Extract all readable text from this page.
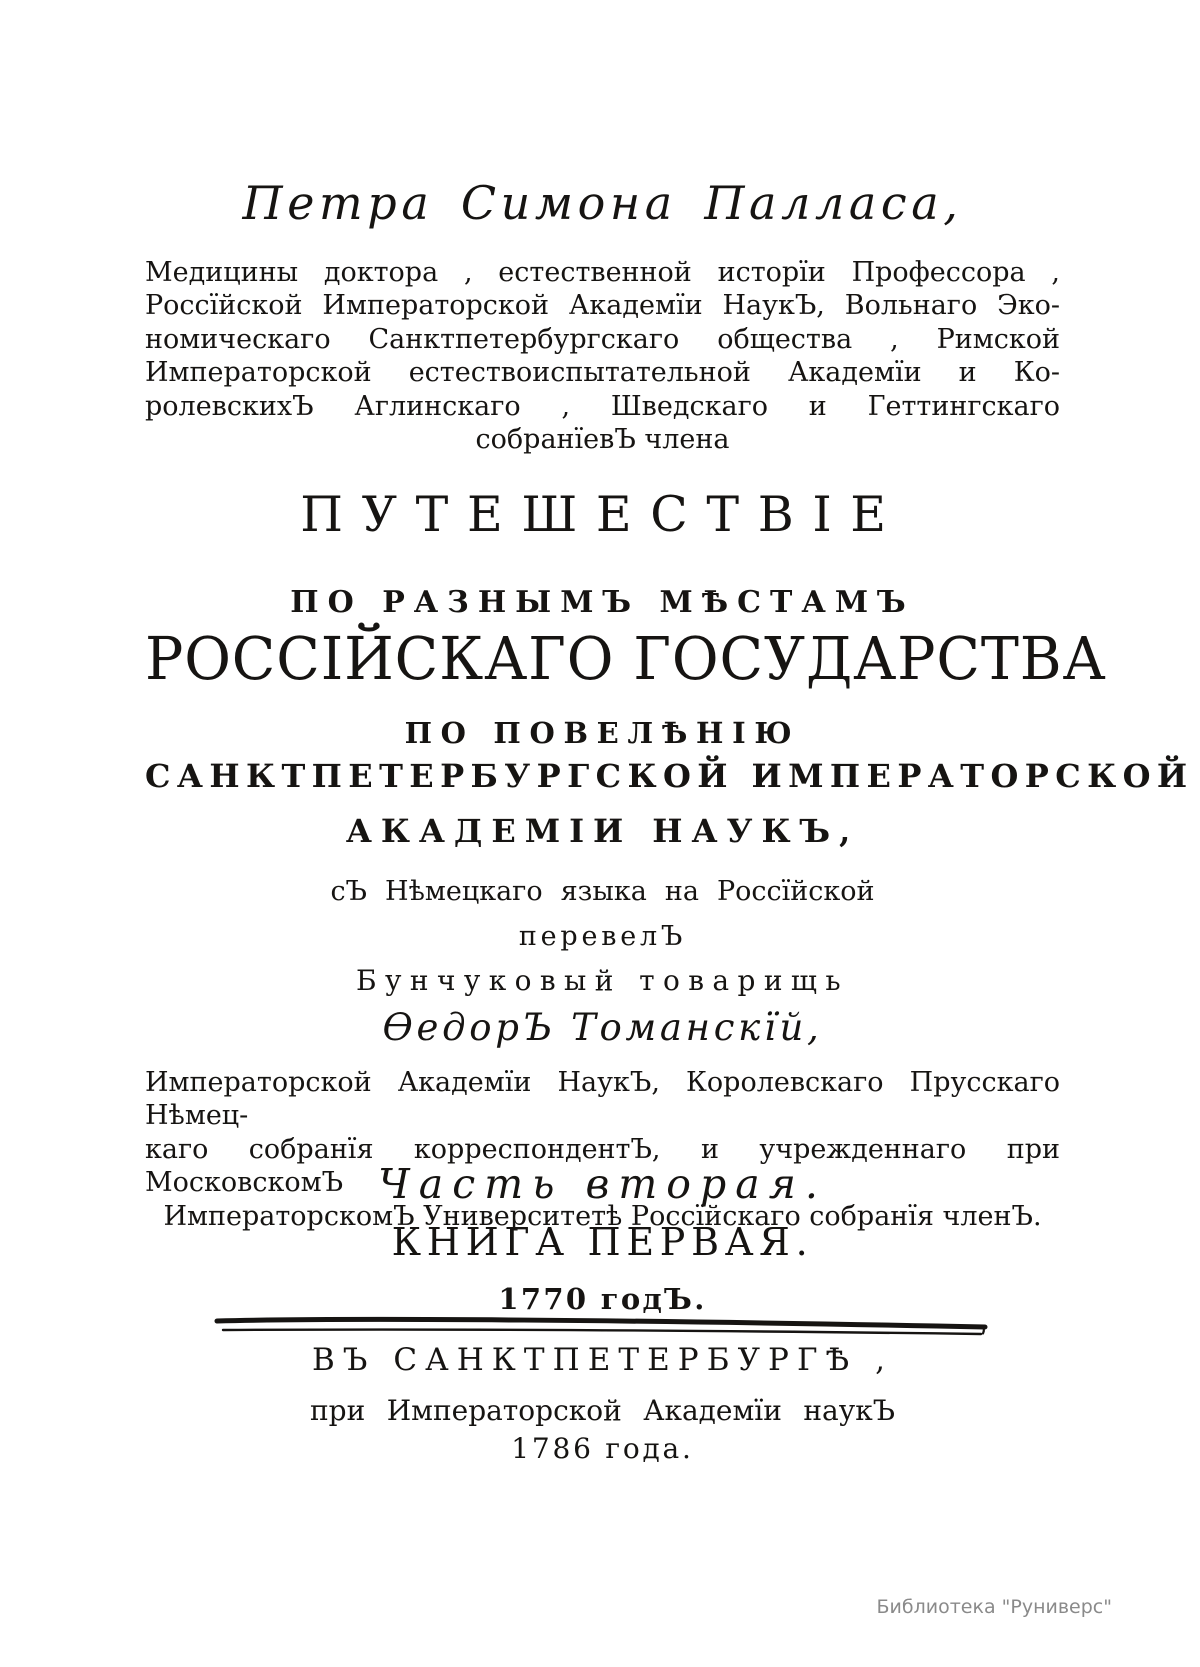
Петра Симона Палласа,
Медицины доктора , естественной исторїи Профессора ,
Россїйской Императорской Академїи НаукЪ, Вольнаго Эко-
номическаго Санктпетербургскаго общества , Римской
Императорской естествоиспытательной Академїи и Ко-
ролевскихЪ Аглинскаго , Шведскаго и Геттингскаго
собранїевЪ члена
ПУТЕШЕСТВІЕ
ПО РАЗНЫМЪ МѢСТАМЪ
РОССІЙСКАГО ГОСУДАРСТВА
ПО ПОВЕЛѢНІЮ
САНКТПЕТЕРБУРГСКОЙ ИМПЕРАТОРСКОЙ
АКАДЕМІИ НАУКЪ,
сЪ Нѣмецкаго языка на Россїйской
перевелЪ
Бунчуковый товарищь
ѲедорЪ Томанскїй,
Императорской Академїи НаукЪ, Королевскаго Прусскаго Нѣмец-
каго собранїя корреспондентЪ, и учрежденнаго при МосковскомЪ
ИмператорскомЪ Университетѣ Россїйскаго собранїя членЪ.
Часть вторая.
КНИГА ПЕРВАЯ.
1770 годЪ.
ВЪ САНКТПЕТЕРБУРГѢ ,
при Императорской Академїи наукЪ
1786 года.
Библиотека "Руниверс"
